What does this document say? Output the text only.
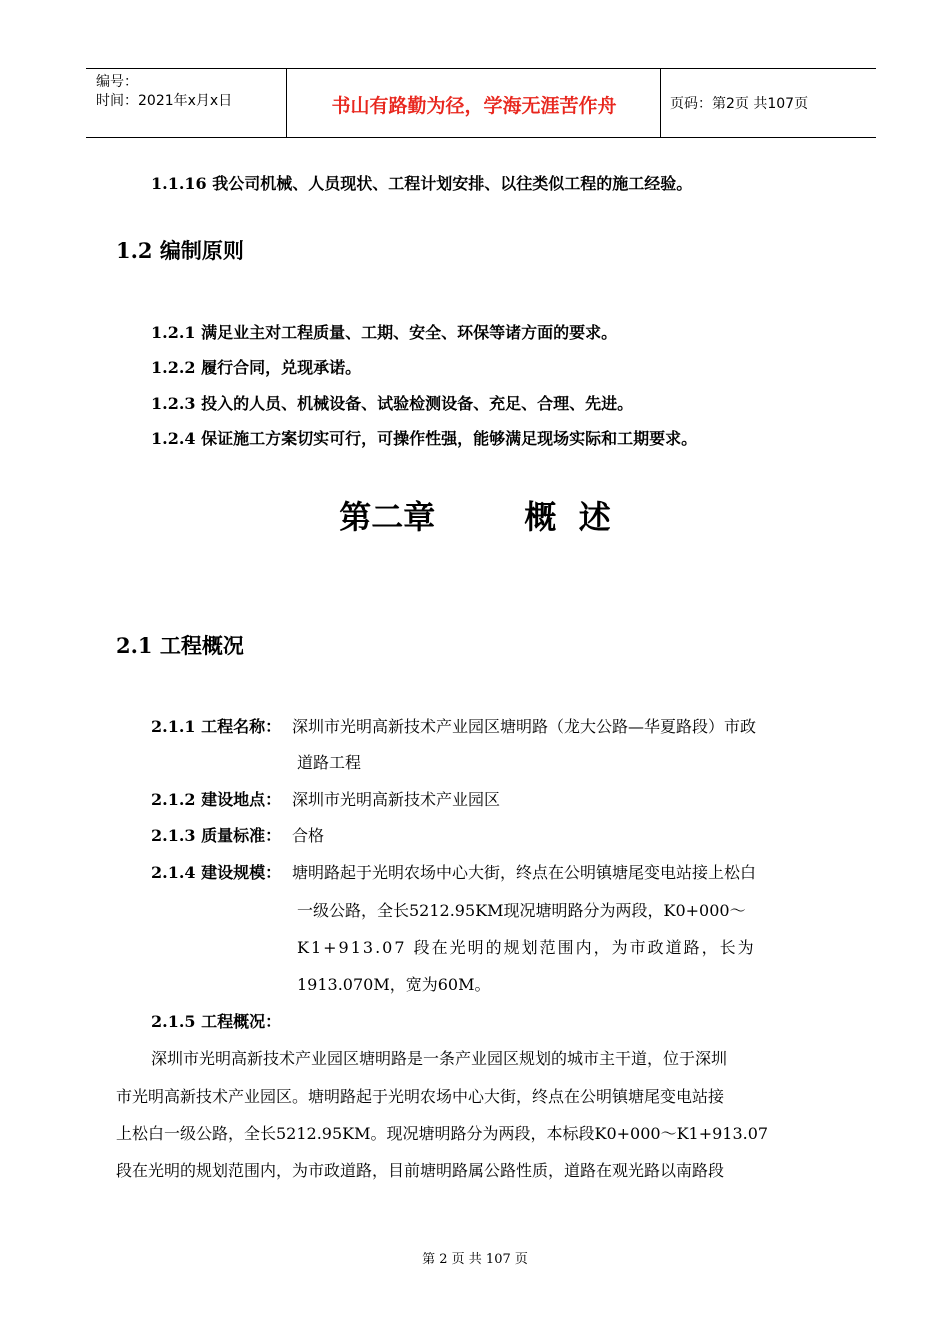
编号：
时间：2021年x月x日	书山有路勤为径，学海无涯苦作舟	页码：第2页 共107页
1.1.16 我公司机械、人员现状、工程计划安排、以往类似工程的施工经验。
1.2 编制原则
1.2.1 满足业主对工程质量、工期、安全、环保等诸方面的要求。
1.2.2 履行合同，兑现承诺。
1.2.3 投入的人员、机械设备、试验检测设备、充足、合理、先进。
1.2.4 保证施工方案切实可行，可操作性强，能够满足现场实际和工期要求。
第二章        概  述
2.1 工程概况
2.1.1 工程名称： 深圳市光明高新技术产业园区塘明路（龙大公路—华夏路段）市政
道路工程
2.1.2 建设地点： 深圳市光明高新技术产业园区
2.1.3 质量标准： 合格
2.1.4 建设规模： 塘明路起于光明农场中心大街，终点在公明镇塘尾变电站接上松白
一级公路，全长5212.95KM现况塘明路分为两段，K0+000～
K1+913.07 段在光明的规划范围内，为市政道路，长为
1913.070M，宽为60M。
2.1.5 工程概况：
深圳市光明高新技术产业园区塘明路是一条产业园区规划的城市主干道，位于深圳
市光明高新技术产业园区。塘明路起于光明农场中心大街，终点在公明镇塘尾变电站接
上松白一级公路，全长5212.95KM。现况塘明路分为两段，本标段K0+000～K1+913.07
段在光明的规划范围内，为市政道路，目前塘明路属公路性质，道路在观光路以南路段
第 2 页 共 107 页
